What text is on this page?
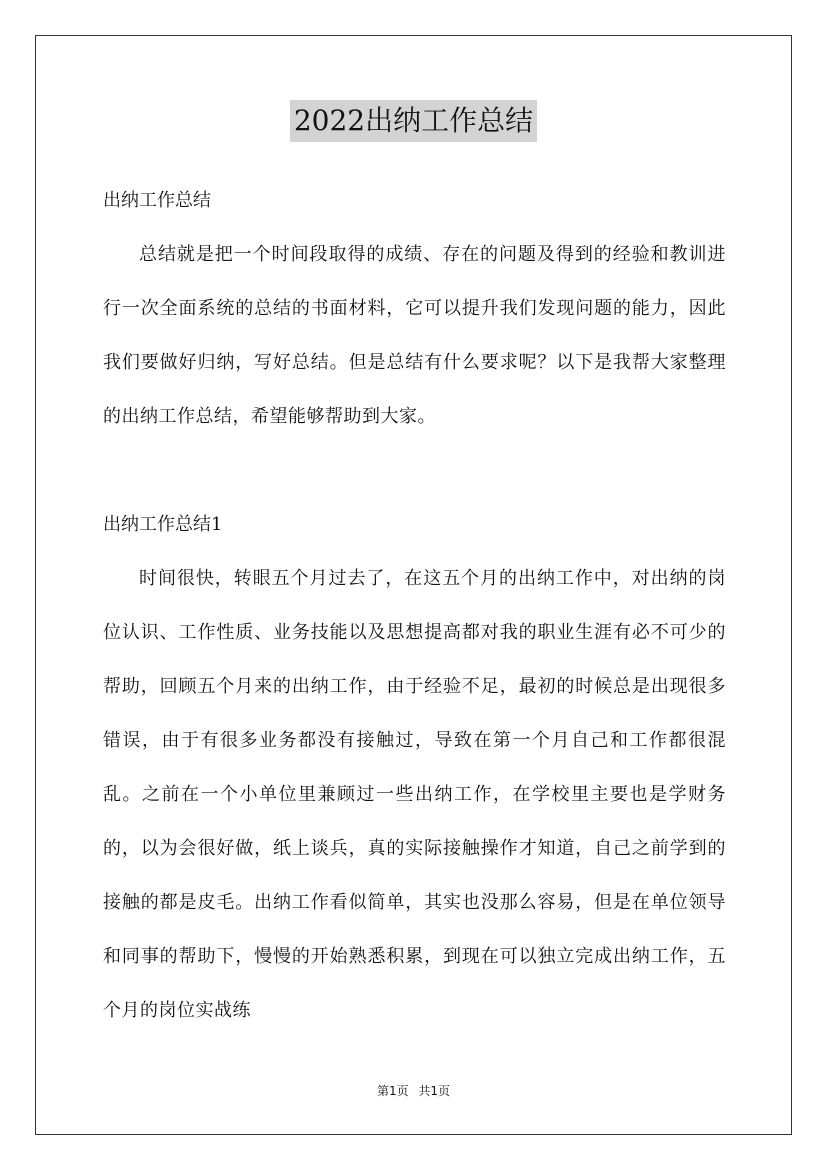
2022出纳工作总结
出纳工作总结

总结就是把一个时间段取得的成绩、存在的问题及得到的经验和教训进行一次全面系统的总结的书面材料，它可以提升我们发现问题的能力，因此我们要做好归纳，写好总结。但是总结有什么要求呢？以下是我帮大家整理的出纳工作总结，希望能够帮助到大家。

出纳工作总结1

时间很快，转眼五个月过去了，在这五个月的出纳工作中，对出纳的岗位认识、工作性质、业务技能以及思想提高都对我的职业生涯有必不可少的帮助，回顾五个月来的出纳工作，由于经验不足，最初的时候总是出现很多错误，由于有很多业务都没有接触过，导致在第一个月自己和工作都很混乱。之前在一个小单位里兼顾过一些出纳工作，在学校里主要也是学财务的，以为会很好做，纸上谈兵，真的实际接触操作才知道，自己之前学到的接触的都是皮毛。出纳工作看似简单，其实也没那么容易，但是在单位领导和同事的帮助下，慢慢的开始熟悉积累，到现在可以独立完成出纳工作，五个月的岗位实战练

第1页 共1页
